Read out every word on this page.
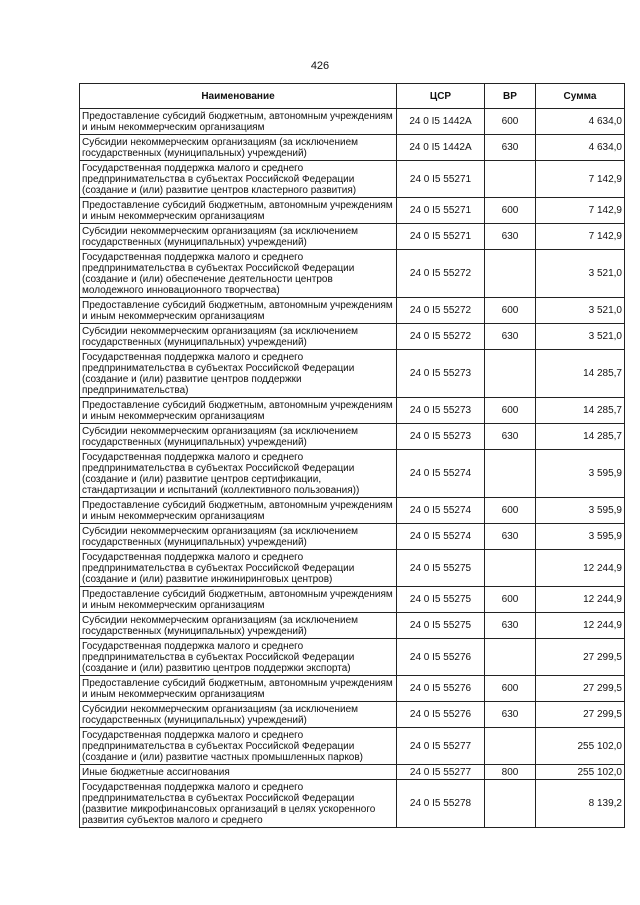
426
Наименование	ЦСР	ВР	Сумма
Предоставление субсидий бюджетным, автономным учреждениям и иным некоммерческим организациям	24 0 I5 1442A	600	4 634,0
Субсидии некоммерческим организациям (за исключением государственных (муниципальных) учреждений)	24 0 I5 1442A	630	4 634,0
Государственная поддержка малого и среднего предпринимательства в субъектах Российской Федерации (создание и (или) развитие центров кластерного развития)	24 0 I5 55271		7 142,9
Предоставление субсидий бюджетным, автономным учреждениям и иным некоммерческим организациям	24 0 I5 55271	600	7 142,9
Субсидии некоммерческим организациям (за исключением государственных (муниципальных) учреждений)	24 0 I5 55271	630	7 142,9
Государственная поддержка малого и среднего предпринимательства в субъектах Российской Федерации (создание и (или) обеспечение деятельности центров молодежного инновационного творчества)	24 0 I5 55272		3 521,0
Предоставление субсидий бюджетным, автономным учреждениям и иным некоммерческим организациям	24 0 I5 55272	600	3 521,0
Субсидии некоммерческим организациям (за исключением государственных (муниципальных) учреждений)	24 0 I5 55272	630	3 521,0
Государственная поддержка малого и среднего предпринимательства в субъектах Российской Федерации (создание и (или) развитие центров поддержки предпринимательства)	24 0 I5 55273		14 285,7
Предоставление субсидий бюджетным, автономным учреждениям и иным некоммерческим организациям	24 0 I5 55273	600	14 285,7
Субсидии некоммерческим организациям (за исключением государственных (муниципальных) учреждений)	24 0 I5 55273	630	14 285,7
Государственная поддержка малого и среднего предпринимательства в субъектах Российской Федерации (создание и (или) развитие центров сертификации, стандартизации и испытаний (коллективного пользования))	24 0 I5 55274		3 595,9
Предоставление субсидий бюджетным, автономным учреждениям и иным некоммерческим организациям	24 0 I5 55274	600	3 595,9
Субсидии некоммерческим организациям (за исключением государственных (муниципальных) учреждений)	24 0 I5 55274	630	3 595,9
Государственная поддержка малого и среднего предпринимательства в субъектах Российской Федерации (создание и (или) развитие инжиниринговых центров)	24 0 I5 55275		12 244,9
Предоставление субсидий бюджетным, автономным учреждениям и иным некоммерческим организациям	24 0 I5 55275	600	12 244,9
Субсидии некоммерческим организациям (за исключением государственных (муниципальных) учреждений)	24 0 I5 55275	630	12 244,9
Государственная поддержка малого и среднего предпринимательства в субъектах Российской Федерации (создание и (или) развитию центров поддержки экспорта)	24 0 I5 55276		27 299,5
Предоставление субсидий бюджетным, автономным учреждениям и иным некоммерческим организациям	24 0 I5 55276	600	27 299,5
Субсидии некоммерческим организациям (за исключением государственных (муниципальных) учреждений)	24 0 I5 55276	630	27 299,5
Государственная поддержка малого и среднего предпринимательства в субъектах Российской Федерации (создание и (или) развитие частных промышленных парков)	24 0 I5 55277		255 102,0
Иные бюджетные ассигнования	24 0 I5 55277	800	255 102,0
Государственная поддержка малого и среднего предпринимательства в субъектах Российской Федерации (развитие микрофинансовых организаций в целях ускоренного развития субъектов малого и среднего	24 0 I5 55278		8 139,2
